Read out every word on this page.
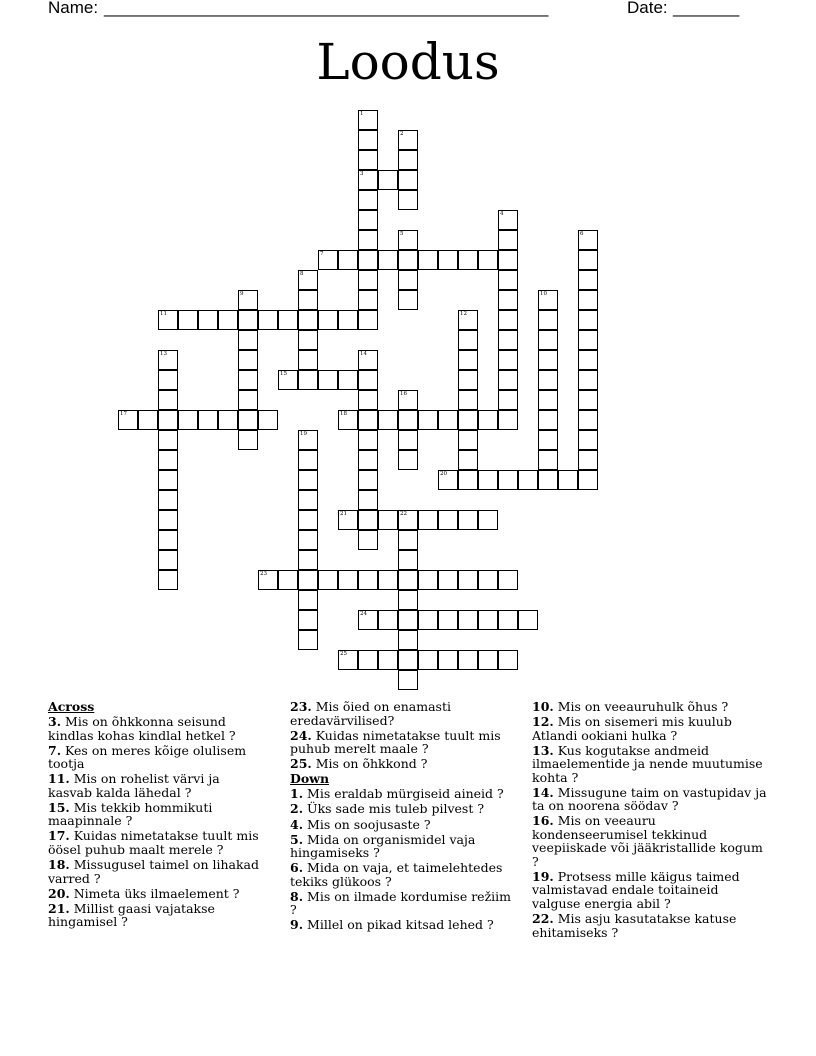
Name: _______________________________________________	Date: _______
Loodus
1
2
3
4
5	6
7
8
9	10
11	12
13	14
15
16
17	18
19
20
21	22
23
24
25
Across
3. Mis on õhkkonna seisund kindlas kohas kindlal hetkel ?
7. Kes on meres kõige olulisem tootja
11. Mis on rohelist värvi ja kasvab kalda lähedal ?
15. Mis tekkib hommikuti maapinnale ?
17. Kuidas nimetatakse tuult mis öösel puhub maalt merele ?
18. Missugusel taimel on lihakad varred ?
20. Nimeta üks ilmaelement ?
21. Millist gaasi vajatakse hingamisel ?
23. Mis õied on enamasti eredavärvilised?
24. Kuidas nimetatakse tuult mis puhub merelt maale ?
25. Mis on õhkkond ?
Down
1. Mis eraldab mürgiseid aineid ?
2. Üks sade mis tuleb pilvest ?
4. Mis on soojusaste ?
5. Mida on organismidel vaja hingamiseks ?
6. Mida on vaja, et taimelehtedes tekiks glükoos ?
8. Mis on ilmade kordumise režiim ?
9. Millel on pikad kitsad lehed ?
10. Mis on veeauruhulk õhus ?
12. Mis on sisemeri mis kuulub Atlandi ookiani hulka ?
13. Kus kogutakse andmeid ilmaelementide ja nende muutumise kohta ?
14. Missugune taim on vastupidav ja ta on noorena söödav ?
16. Mis on veeauru kondenseerumisel tekkinud veepiiskade või jääkristallide kogum ?
19. Protsess mille käigus taimed valmistavad endale toitaineid valguse energia abil ?
22. Mis asju kasutatakse katuse ehitamiseks ?
